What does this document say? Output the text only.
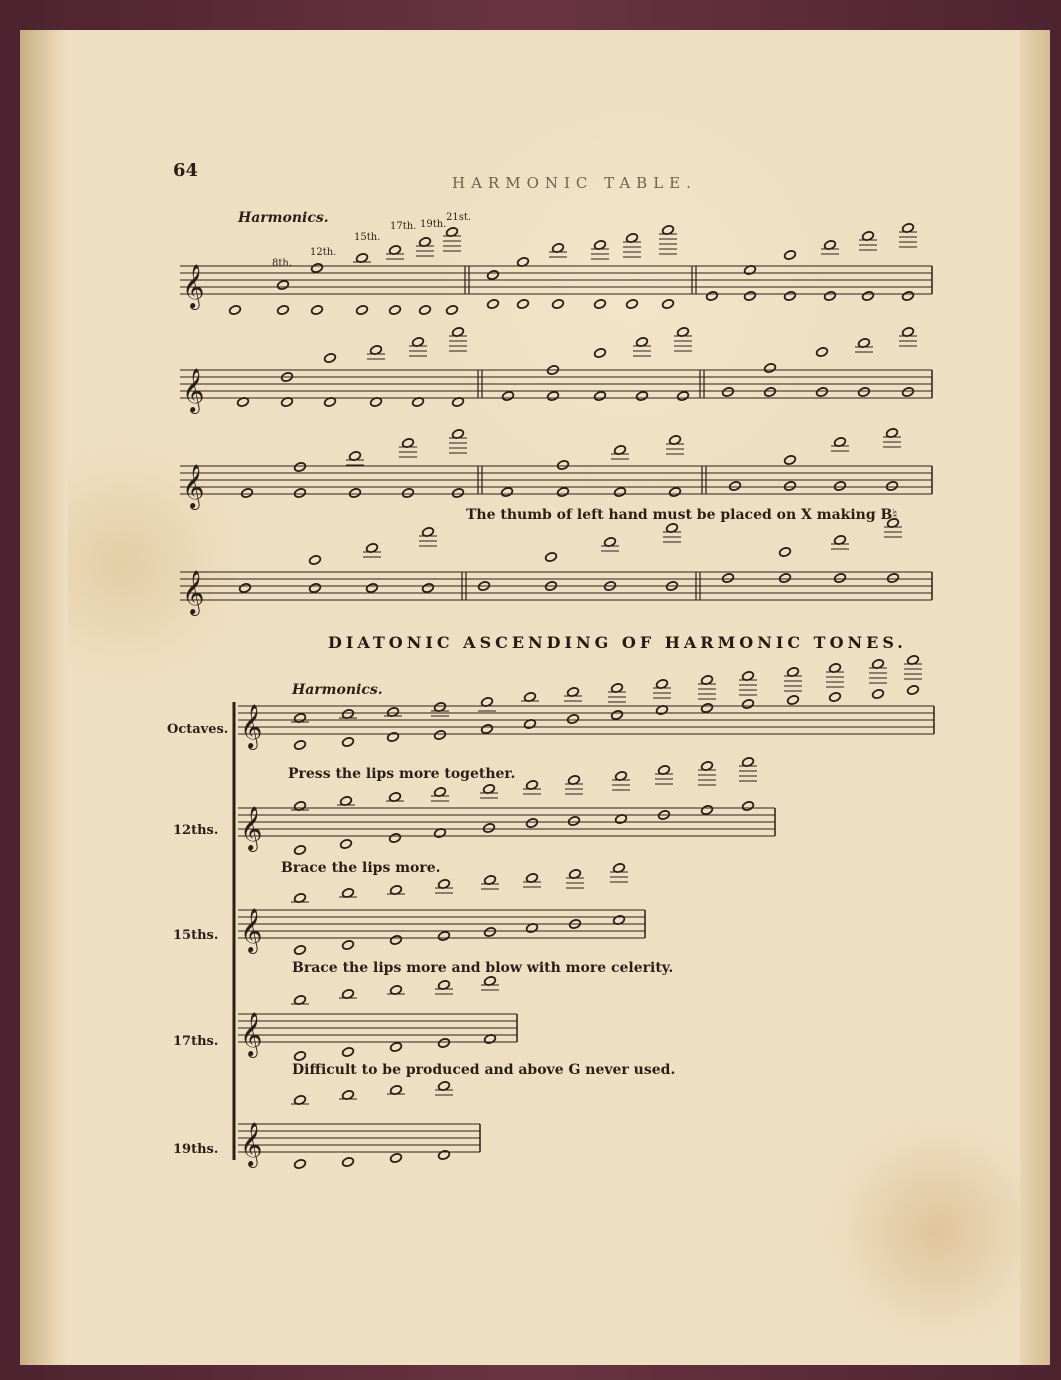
𝄞
𝄞
𝄞
𝄞
𝄞
𝄞
𝄞
𝄞
𝄞
64
HARMONIC TABLE.
Harmonics.
8th.
12th.
15th.
17th. 19th.
21st.
The thumb of left hand must be placed on X making B♮
DIATONIC ASCENDING OF HARMONIC TONES.
Harmonics.
Octaves.
12ths.
15ths.
17ths.
19ths.
Press the lips more together.
Brace the lips more.
Brace the lips more and blow with more celerity.
Difficult to be produced and above G never used.
